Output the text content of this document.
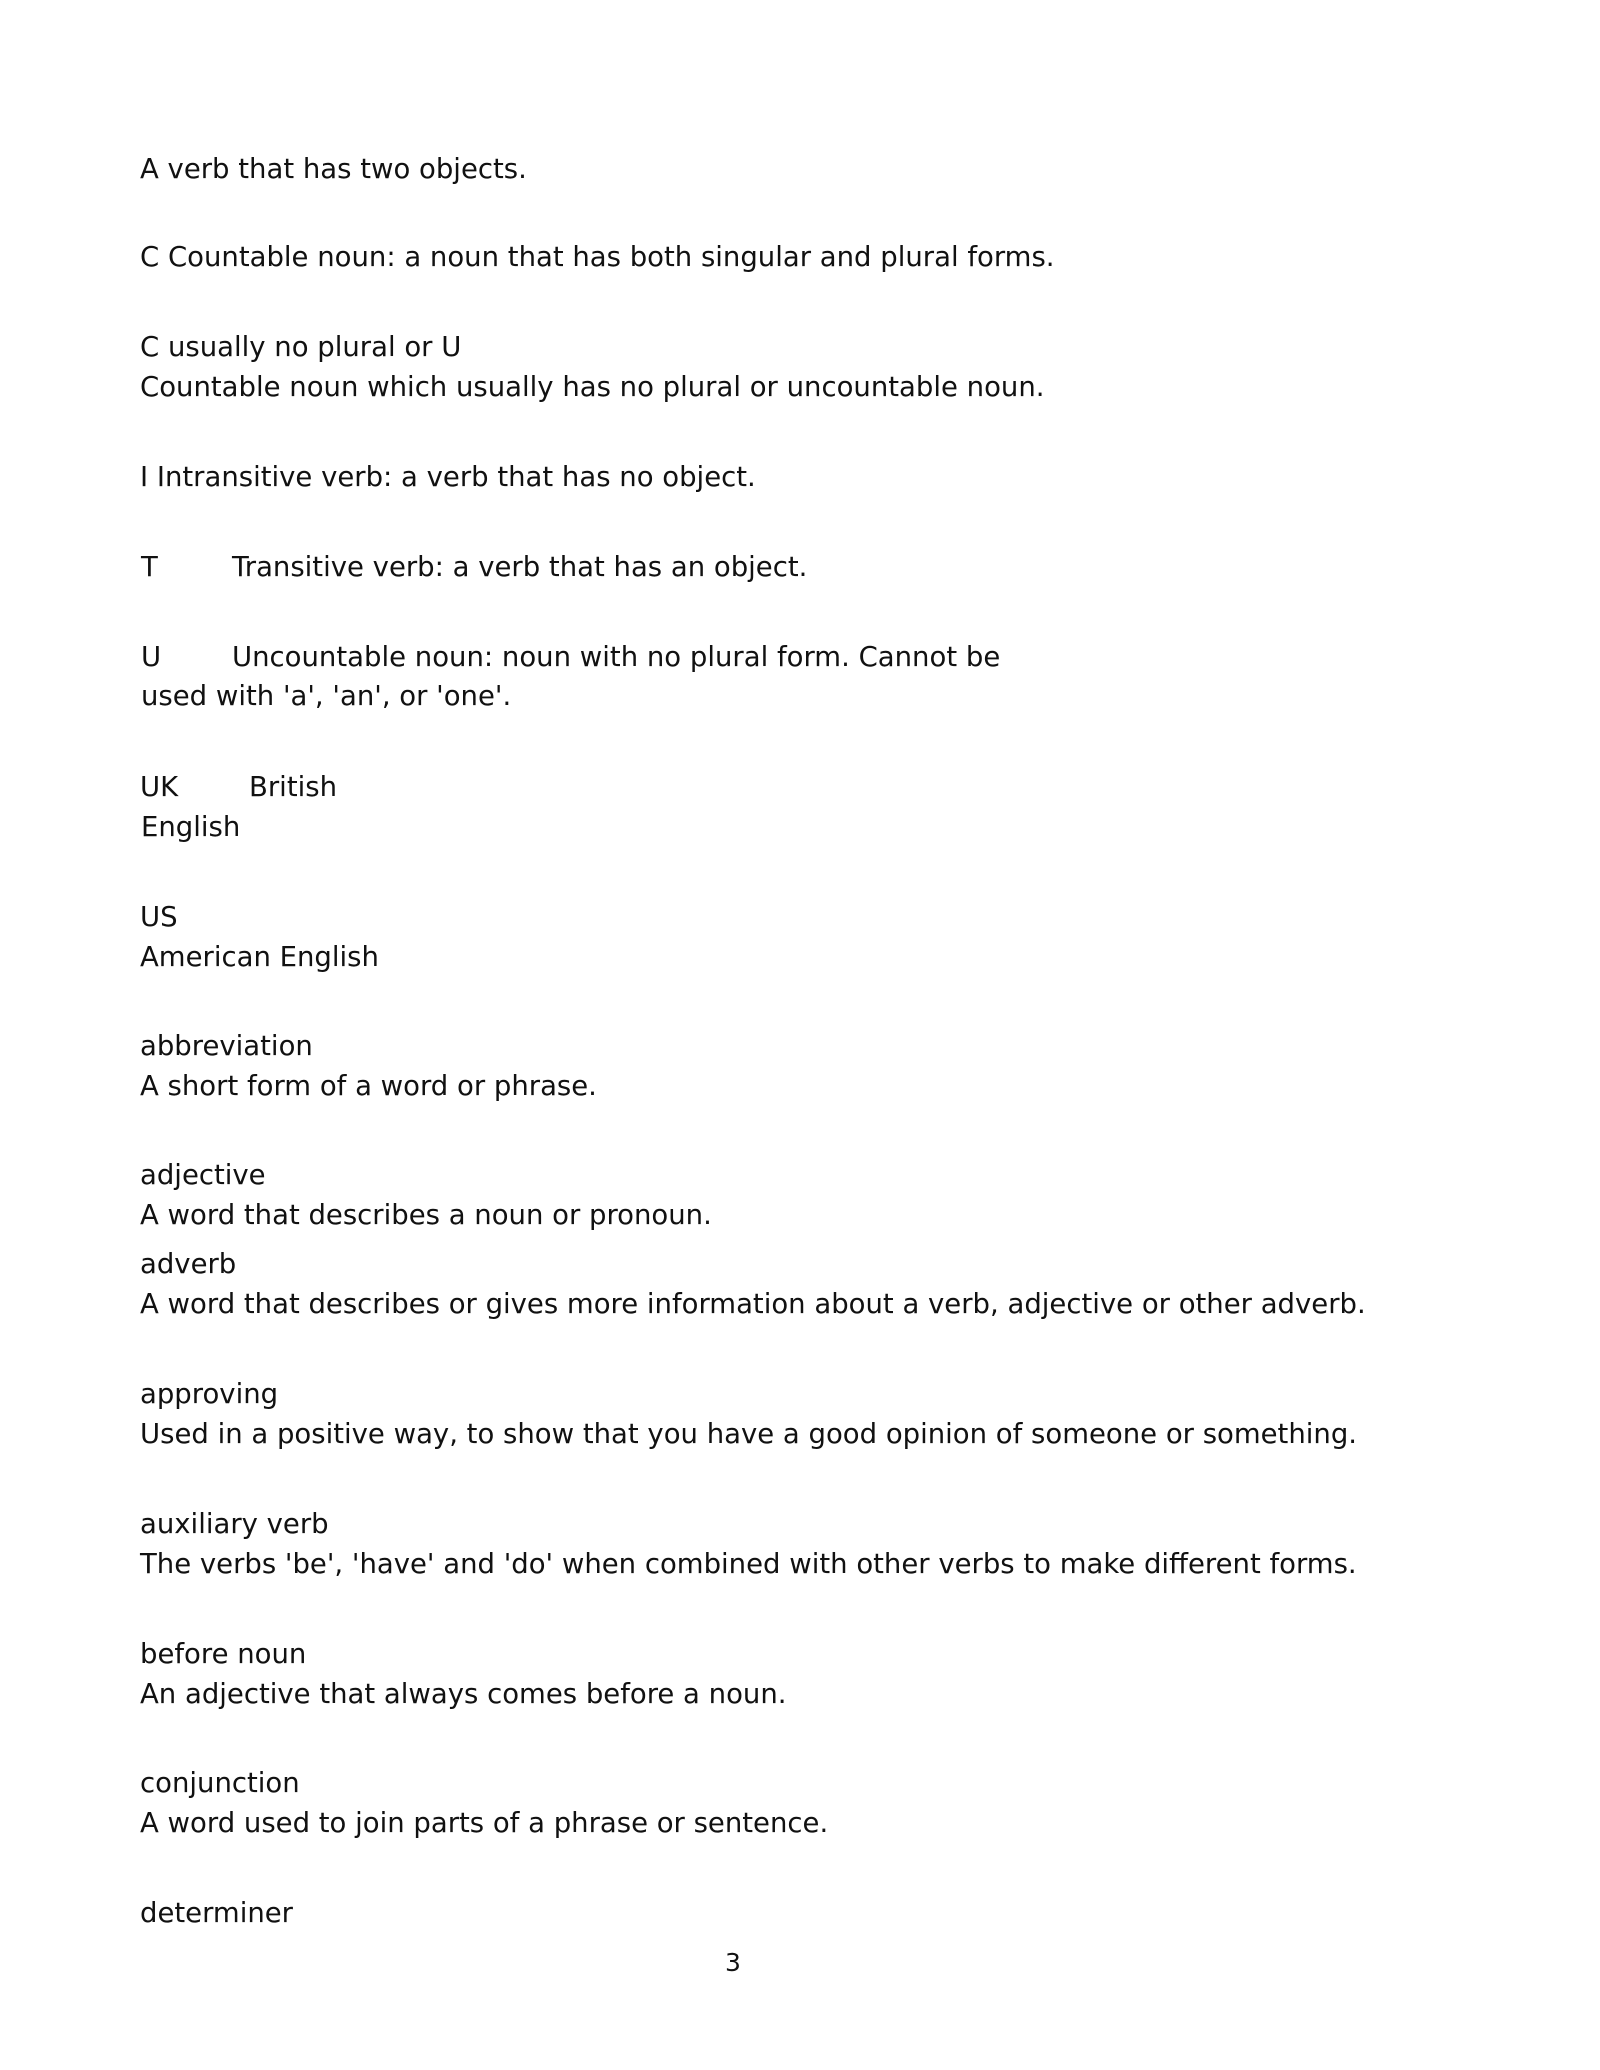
A verb that has two objects.
C Countable noun: a noun that has both singular and plural forms.
C usually no plural or U
Countable noun which usually has no plural or uncountable noun.
I Intransitive verb: a verb that has no object.
T	Transitive verb: a verb that has an object.
U	Uncountable noun: noun with no plural form. Cannot be
used with 'a', 'an', or 'one'.
UK	British
English
US
American English
abbreviation
A short form of a word or phrase.
adjective
A word that describes a noun or pronoun.
adverb
A word that describes or gives more information about a verb, adjective or other adverb.
approving
Used in a positive way, to show that you have a good opinion of someone or something.
auxiliary verb
The verbs 'be', 'have' and 'do' when combined with other verbs to make different forms.
before noun
An adjective that always comes before a noun.
conjunction
A word used to join parts of a phrase or sentence.
determiner
3
